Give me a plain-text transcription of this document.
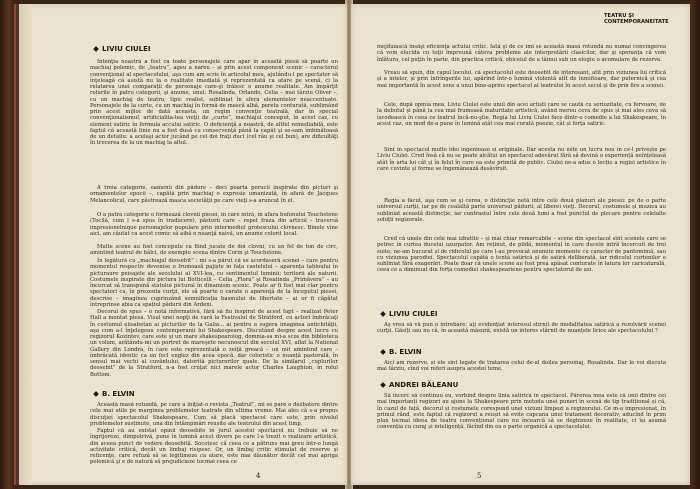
LIVIU CIULEI

Intenţia noastră a fost ca toate personajele care apar în această piesă să poarte un machiaj polemic, de „teatru”, ageu a nareu – și prin acest component scenic – caracterul convenţional al spectacolului, aşa cum am scris în articolul meu, ajutându-l pe spectator să înţeleagă că asistă nu la o realitate imediată şi reprezentată ca atare pe scenă, ci la relatarea unei comparaţii de personaje care-şi trăiesc o anume realitate. Am împărţit rolurile în patru categorii, şi anume, unul: Rosalinda, Orlando, Celia – mai târziu Oliver –, cu un machiaj de teatru, tipic realist, subliniat în sfera elementelor neaccentuate. Personajele de la curte, cu un machiaj în formă de mască albă, pereta conturată, sublimând prin acest mijloc de dată aceasta, un regim convenţie teatrală, dar în special convenţionalismul, artificialita-tea vieţii de „curte”, machiajul conceput, în acest caz, cu element satiric în formula accului satiric. O deficienţă a noastră, de altfel remediabilă, este faptul că această linie nu a fost dusă cu consecvenţă până la capăt şi se-sam îmbinătoasă de un detaliu: a acelaşi actor jucând pe cel doi fraţi duci (cel rău şi cel bun), are dificultăţi în trecerea de la un machiaj la altul.

A treia categorie, oamenii din pădure – deci poarta perucii inspirate din picturi şi ornamentelor epocii –, capătă prin machiaj o expresie umanizată, în afară de Jacques Melancolicul, care păstrează masca societăţii pe care vieţi s-a aruncat în el.

O a patra categorie o formează clovnii piesei, în care intră, în afara bufonului Touchstone (Tocilă, cum i s-a spus în traducere), păstorii care – repet fraza din articol – traversă impresionelnique personajelor populare prin intermediul grotescului clovnesc. Binele vine aici, am căutat ca acest comic să aibă o nuanţă naivă, un anume colorit local.

Multe scene au fost concepute ca fiind jucate de doi clovni, cu un fel de ton de circ, amintind teatrul de bâlci, de exemplu scena dintre Corin şi Touchstone.

În legătură cu „machiajul deosebit” : mi s-a părut că se acordaseră scenei – care pentru momentul respectiv devenise o frumoasă pajiște în fața castelului – aparența tabloului în picturaure peisajele ale secolului al XVI-lea, cu sentimentul luminii; teritorii ale naturii. Costumele inspirate din pictura lui Botticelli – Celia „Flora” şi Rosalinda „Primăvera” – au încercat să transpună statului pictural în dinamism scenic. Poate ar fi fost mai clar pentru spectatori ca, în prezenta curţii, ele să poarte o carate o aparenţă de la începutul piesei, descrise – imaginea cuprinzând semnificația basmului de libertate – ai or fi căpătat întreprinse abia ca spațiul pădurii din Ardeni.

Decorul de spus – o notă informativă, fără să fiu inspirat de acest fapt – realizat Peter Hall a montat piesa. Visul unei nopţi de vară la Festivalul de Stratford, cu actori îmbrăcaţi în costumul elisabetan ai picturilor de la Galia... ai pentru a sugera imaginea antichităţii, aşa cum a-l înţelegeau contemporanii lui Shakespeare. Discutând despre acest lucru cu regizorul Kozintev, care este şi un mare shakespearolog, domnia-sa mi-a scos din biblioteca un volum, arătându-mi un portret de mareşete necunoscut din secolul XVI, aflat la National Gallery din Londra, în care este reprezentată o zeiţă greacă – un mit amintind care – îmbrăcată identic ca un fecl englez din acea epocă, dar coloristic o nuanță pastorală, în sensul mai vechi al cuvântului, datorită picturorilor quale. De la similarul „cuplurilor deosebit” de la Stratford, n-a fost cruţat nici marele actor Charles Laughton, în rolul Bottom.

B. ELVIN

Această masă rotundă, pe care a iniţiat-o revista „Teatrul”, mi se pare o dezbatere dintre cele mai utile pe marginea problemelor teatrale din ultima vreme. Mai ales că s-a propus discuţiei spectacolul Shakespeare. Cum să placă spectacol care este, prin nivelul problemelor susținute, una din întâmpinări reușite ale teatrului din acest timp.

Faptul că au existat opinii deosebite în jurul acestui spectacol nu trebuie să ne îngrijoreze, dimpotrivă, pune în lumină acest divers pe care l-a trezit o realizare artistică, din aceea punct de vedere deosebită. Socotesc că ceea ce a pătruns mai greu într-o lungă activitate critică, decât un limbaj risipesc. Or, un limbaj critic stimulat de reserve şi reticenţe, care refuză să se legitimeze ca atare, este mai dăunător decât cel mai apriga polemică şi e de natură să prejudicieze tocmai ceea ce

4
TEATRU ŞI CONTEMPORANEITATE

mejduiască însăşi eficienţa actului critic. Iată şi de ce îmi se această masă rotundă nu numai convingerea că vom elucida cu toţii împreună câteva probleme ale interpretării clasicilor, dar şi speranţa că vom înlătura, cel puţin în parte, din practica critică, obiceiul de a tăinui sub un elogiu o acumulare de rezerve.

Vreau să spun, din capul locului, că spectacolul este deosebit de interesant, atît prin viziunea lui critică și a intelor, și prin înfrîngerile lui, apărînd într-o lumină violentă atît de înnoitoare, dar puternică și cea mai importantă în acest sens a unui bine-aprins spectacol al teatrului în acest secol și de prin fire a scenei.

Cele, după opinia mea, Liviu Ciulei este unul din acei artiști care se caută cu seriozitate, cu fervoare, de la debutul și până la cea mai frumoasă maturitate artistică, având mereu ceva de spus și mai ales ceva să iscodească în ceea ce teatrul încă-nu-ştie. Regia lui Liviu Ciulei face dintr-o comedie a lui Shakespeare, în acest caz, un mod de-a pune în lumină atât cea mai curată poezie, cât și forța satiric.

Sînt în spectacol multe idei ingenioase și originale. Dar acesta nu este un lucru nou în ce-l privește pe Liviu Ciulei. Cred însă că nu se poate alcătui un spectacol adevărat fără să devină o experiență neînțeleasă atât în arta lui cât și în felul în care ea este primită de public. Ciulei ne-a adus o lecție a regiei artistice în care cuvinte și forme se îngemănează desăvîrșit.

Regia a făcut, aşa cum se şi cerea, o distincţie netă între cele două planuri ale piesei: pe de o parte universul curţii, iar pe de cealaltă parte universul pădurii, al liberei vieţi. Decorul, costumele și muzica au subliniat această distincție, iar contrastul între cele două lumi a fost punctul de plecare pentru celelalte soluții regizorale.

Cred că unele din cele mai izbutite – și mai chiar remarcabile – scene din spectacol sînt scenele care se petrec în curtea ducelui uzurpator. Am reținut, de pildă, momentul în care ducele intră încercuit de trei suite; ne-am bucurat și de ridicolul pe care l-au provocat anumite momente cu caracter de pantomimă, sau cu viziunea parodiei. Spectacolul capătă o tentă satirică și de satiră deliberată, iar ridicolul curtenilor e subliniat fără exagerări. Poate doar că unele scene au fost prea apăsat conturate în latura lor caricaturală, ceea ce a diminuat din forța comediei shakespeariene pentru spectatorul de azi.

LIVIU CIULEI

Aş vrea să vă pun o întrebare: aţi evidenţiat interesul stîrnit de modalitatea satirică a rezolvării scenei curţii. Găsiți sau nu că, în această măsură, există un interes stârnit de nuanțele lirice ale spectacolului ?

B. ELVIN

Aici am rezerve, și ele sînt legate de tratarea celui de-al doilea personaj, Rosalinda. Dar le voi discuta mai târziu, cînd voi referi asupra acestei teme.

ANDREI BĂLEANU

Să încerc să continuu eu, vorbind despre linia satirică în spectacol. Părerea mea este că unii dintre cei mai importanți regizori au ajuns la Shakespeare prin metoda unei puneri în scenă de tip tradițional și că, în cazul de față, decorul și costumele corespund unei viziuni limpezi a regizorului. Ce m-a impresionat, în primul rând, este faptul că regizorul a reușit să evite capcana unui tratament decorativ, aducînd în prim plan tocmai ideea de teatru convențional care nu încearcă să se deghizeze în realitate, ci își asumă convenția cu curaj și inteligență, făcînd din ea o parte organică a spectacolului.

5
